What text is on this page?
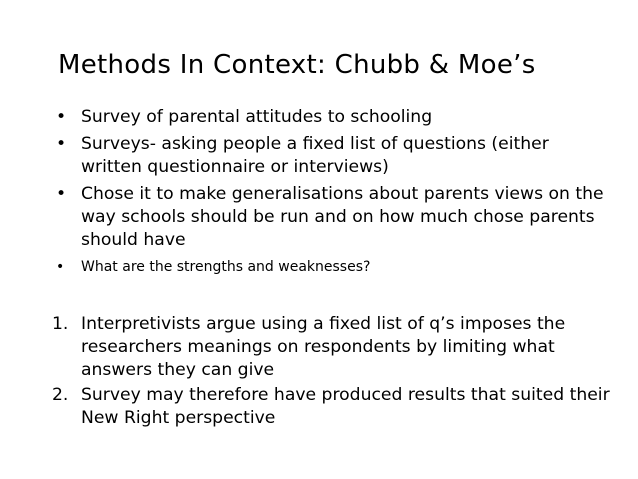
Methods In Context: Chubb & Moe’s
• Survey of parental attitudes to schooling
• Surveys- asking people a fixed list of questions (either written questionnaire or interviews)
• Chose it to make generalisations about parents views on the way schools should be run and on how much chose parents should have
• What are the strengths and weaknesses?
1. Interpretivists argue using a fixed list of q’s imposes the researchers meanings on respondents by limiting what answers they can give
2. Survey may therefore have produced results that suited their New Right perspective
